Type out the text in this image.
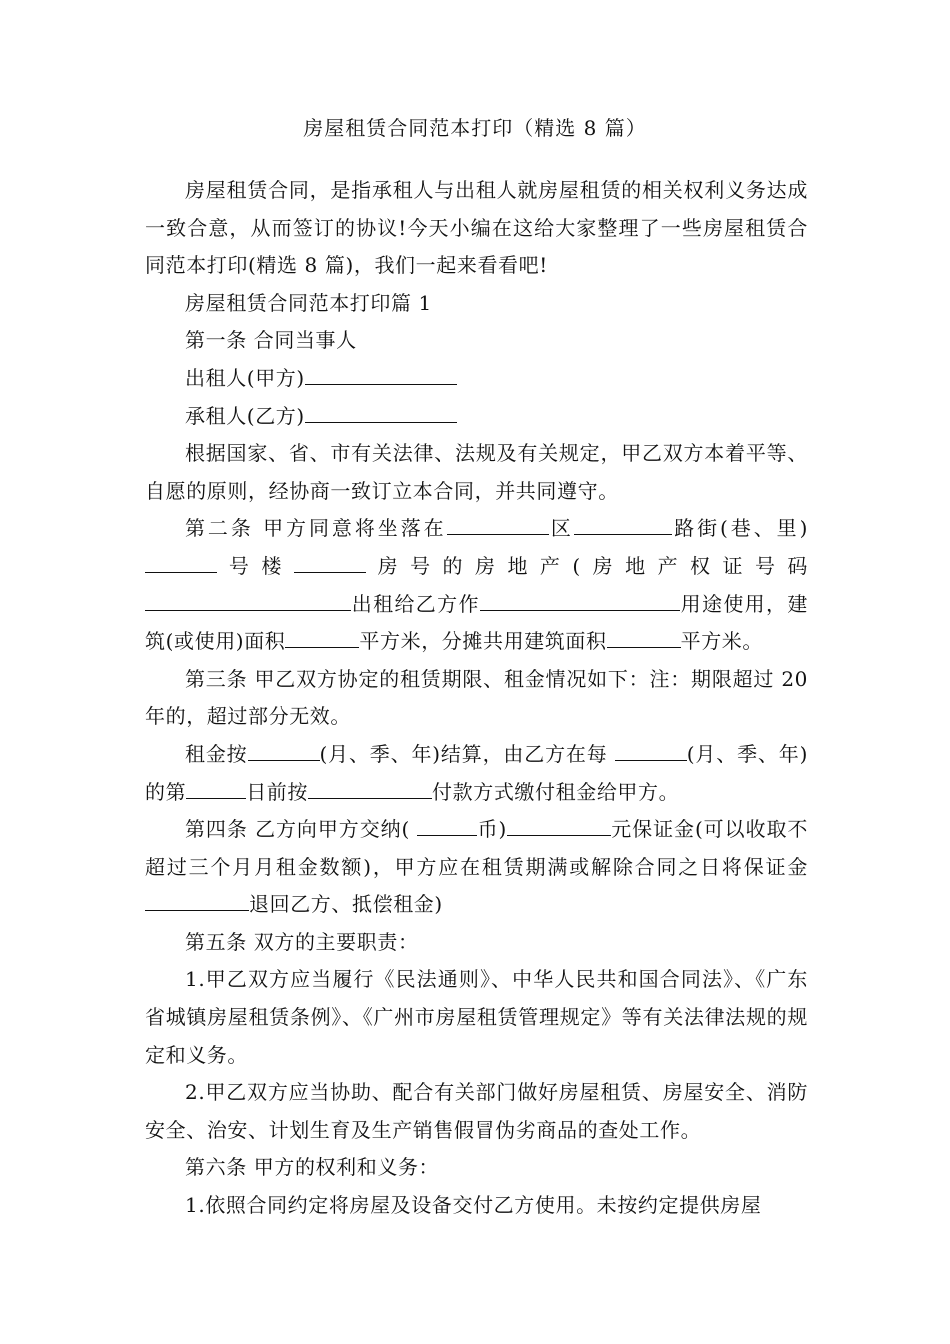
房屋租赁合同范本打印（精选 8 篇）

房屋租赁合同，是指承租人与出租人就房屋租赁的相关权利义务达成一致合意，从而签订的协议!今天小编在这给大家整理了一些房屋租赁合同范本打印(精选 8 篇)，我们一起来看看吧!

房屋租赁合同范本打印篇 1

第一条 合同当事人

出租人(甲方)

承租人(乙方)

根据国家、省、市有关法律、法规及有关规定，甲乙双方本着平等、自愿的原则，经协商一致订立本合同，并共同遵守。

第二条 甲方同意将坐落在	区	路街(巷、里)号楼	房号的房地产(房地产权证号码出租给乙方作	用途使用，建筑(或使用)面积	平方米，分摊共用建筑面积	平方米。

第三条 甲乙双方协定的租赁期限、租金情况如下：注：期限超过 20 年的，超过部分无效。

租金按	(月、季、年)结算，由乙方在每	(月、季、年)的第	日前按	付款方式缴付租金给甲方。

第四条 乙方向甲方交纳(	币)	元保证金(可以收取不超过三个月月租金数额)，甲方应在租赁期满或解除合同之日将保证金退回乙方、抵偿租金)

第五条 双方的主要职责：

1.甲乙双方应当履行《民法通则》、中华人民共和国合同法》、《广东省城镇房屋租赁条例》、《广州市房屋租赁管理规定》等有关法律法规的规定和义务。

2.甲乙双方应当协助、配合有关部门做好房屋租赁、房屋安全、消防安全、治安、计划生育及生产销售假冒伪劣商品的查处工作。

第六条 甲方的权利和义务：

1.依照合同约定将房屋及设备交付乙方使用。未按约定提供房屋
